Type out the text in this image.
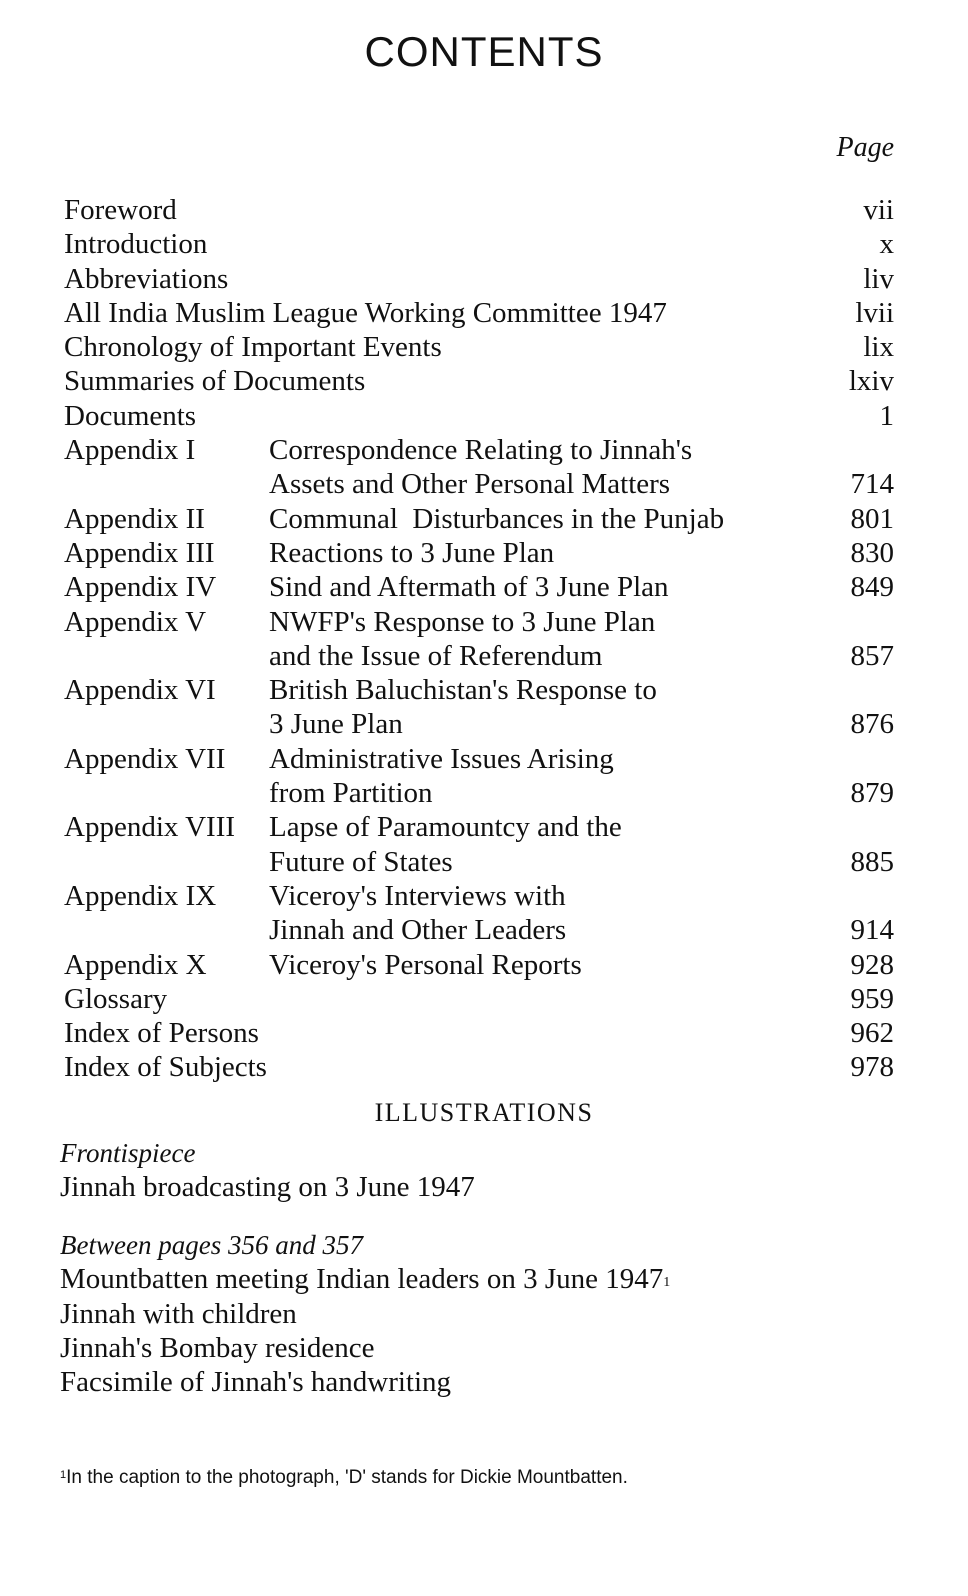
CONTENTS
Page
Foreword	vii
Introduction	x
Abbreviations	liv
All India Muslim League Working Committee 1947	lvii
Chronology of Important Events	lix
Summaries of Documents	lxiv
Documents	1
Appendix I	Correspondence Relating to Jinnah's
Assets and Other Personal Matters	714
Appendix II	Communal  Disturbances in the Punjab	801
Appendix III	Reactions to 3 June Plan	830
Appendix IV	Sind and Aftermath of 3 June Plan	849
Appendix V	NWFP's Response to 3 June Plan
and the Issue of Referendum	857
Appendix VI	British Baluchistan's Response to
3 June Plan	876
Appendix VII	Administrative Issues Arising
from Partition	879
Appendix VIII	Lapse of Paramountcy and the
Future of States	885
Appendix IX	Viceroy's Interviews with
Jinnah and Other Leaders	914
Appendix X	Viceroy's Personal Reports	928
Glossary	959
Index of Persons	962
Index of Subjects	978
ILLUSTRATIONS
Frontispiece
Jinnah broadcasting on 3 June 1947
Between pages 356 and 357
Mountbatten meeting Indian leaders on 3 June 1947$^1$
Jinnah with children
Jinnah's Bombay residence
Facsimile of Jinnah's handwriting
$^1$In the caption to the photograph, 'D' stands for Dickie Mountbatten.
